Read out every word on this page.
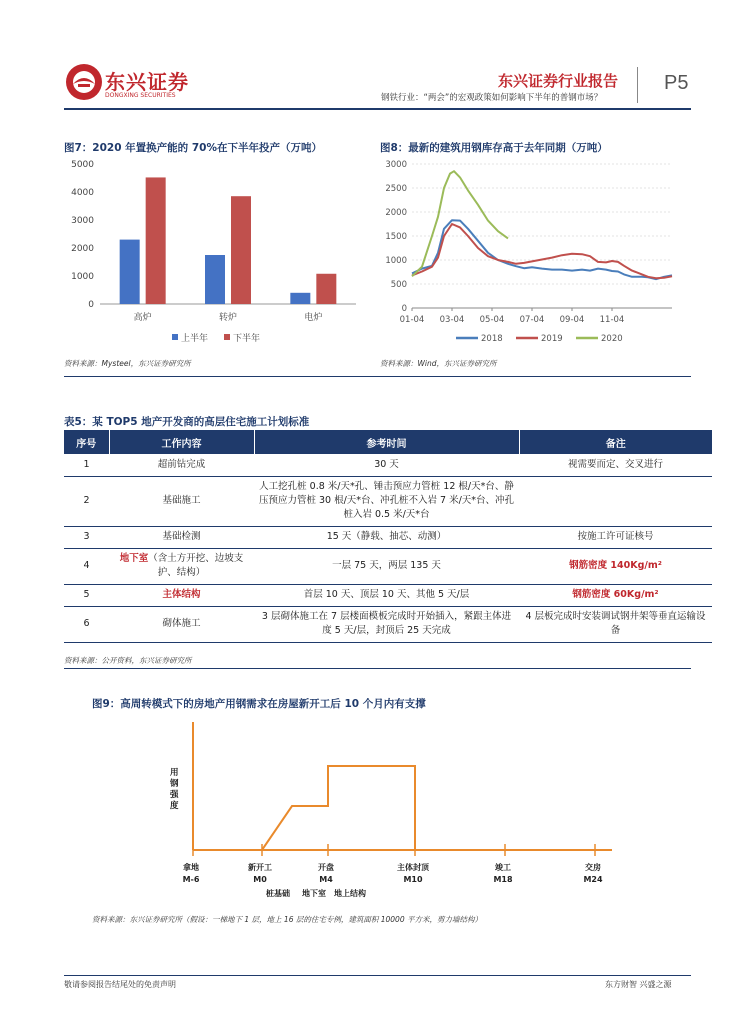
东兴证券
DONGXING SECURITIES
东兴证券行业报告
钢铁行业：“两会”的宏观政策如何影响下半年的普钢市场？
P5
图7：2020 年置换产能的 70%在下半年投产（万吨）
0
1000
2000
3000
4000
5000
高炉	转炉	电炉
上半年	下半年
资料来源：Mysteel，东兴证券研究所
图8：最新的建筑用钢库存高于去年同期（万吨）
0
500
1000
1500
2000
2500
3000
01-04 03-04 05-04 07-04 09-04 11-04
2018	2019	2020
资料来源：Wind，东兴证券研究所
表5：某 TOP5 地产开发商的高层住宅施工计划标准
序号	工作内容	参考时间	备注
1	超前钻完成	30 天	视需要而定、交叉进行
2	基础施工	人工挖孔桩 0.8 米/天*孔、锤击预应力管桩 12 根/天*台、静压预应力管桩 30 根/天*台、冲孔桩不入岩 7 米/天*台、冲孔桩入岩 0.5 米/天*台	
3	基础检测	15 天（静载、抽芯、动测）	按施工许可证核号
4	地下室（含土方开挖、边坡支护、结构）	一层 75 天，两层 135 天	钢筋密度 140Kg/m²
5	主体结构	首层 10 天、顶层 10 天、其他 5 天/层	钢筋密度 60Kg/m²
6	砌体施工	3 层砌体施工在 7 层楼面模板完成时开始插入，紧跟主体进度 5 天/层，封顶后 25 天完成	4 层板完成时安装调试钢井架等垂直运输设备
资料来源：公开资料，东兴证券研究所
图9：高周转模式下的房地产用钢需求在房屋新开工后 10 个月内有支撑
拿地
M-6
新开工
M0
开盘
M4
主体封顶
M10
竣工
M18
交房
M24
桩基础 地下室 地上结构
用钢强度
资料来源：东兴证券研究所（假设：一梯地下 1 层，地上 16 层的住宅专例，建筑面积 10000 平方米，剪力墙结构）
敬请参阅报告结尾处的免责声明	东方财智 兴盛之源
